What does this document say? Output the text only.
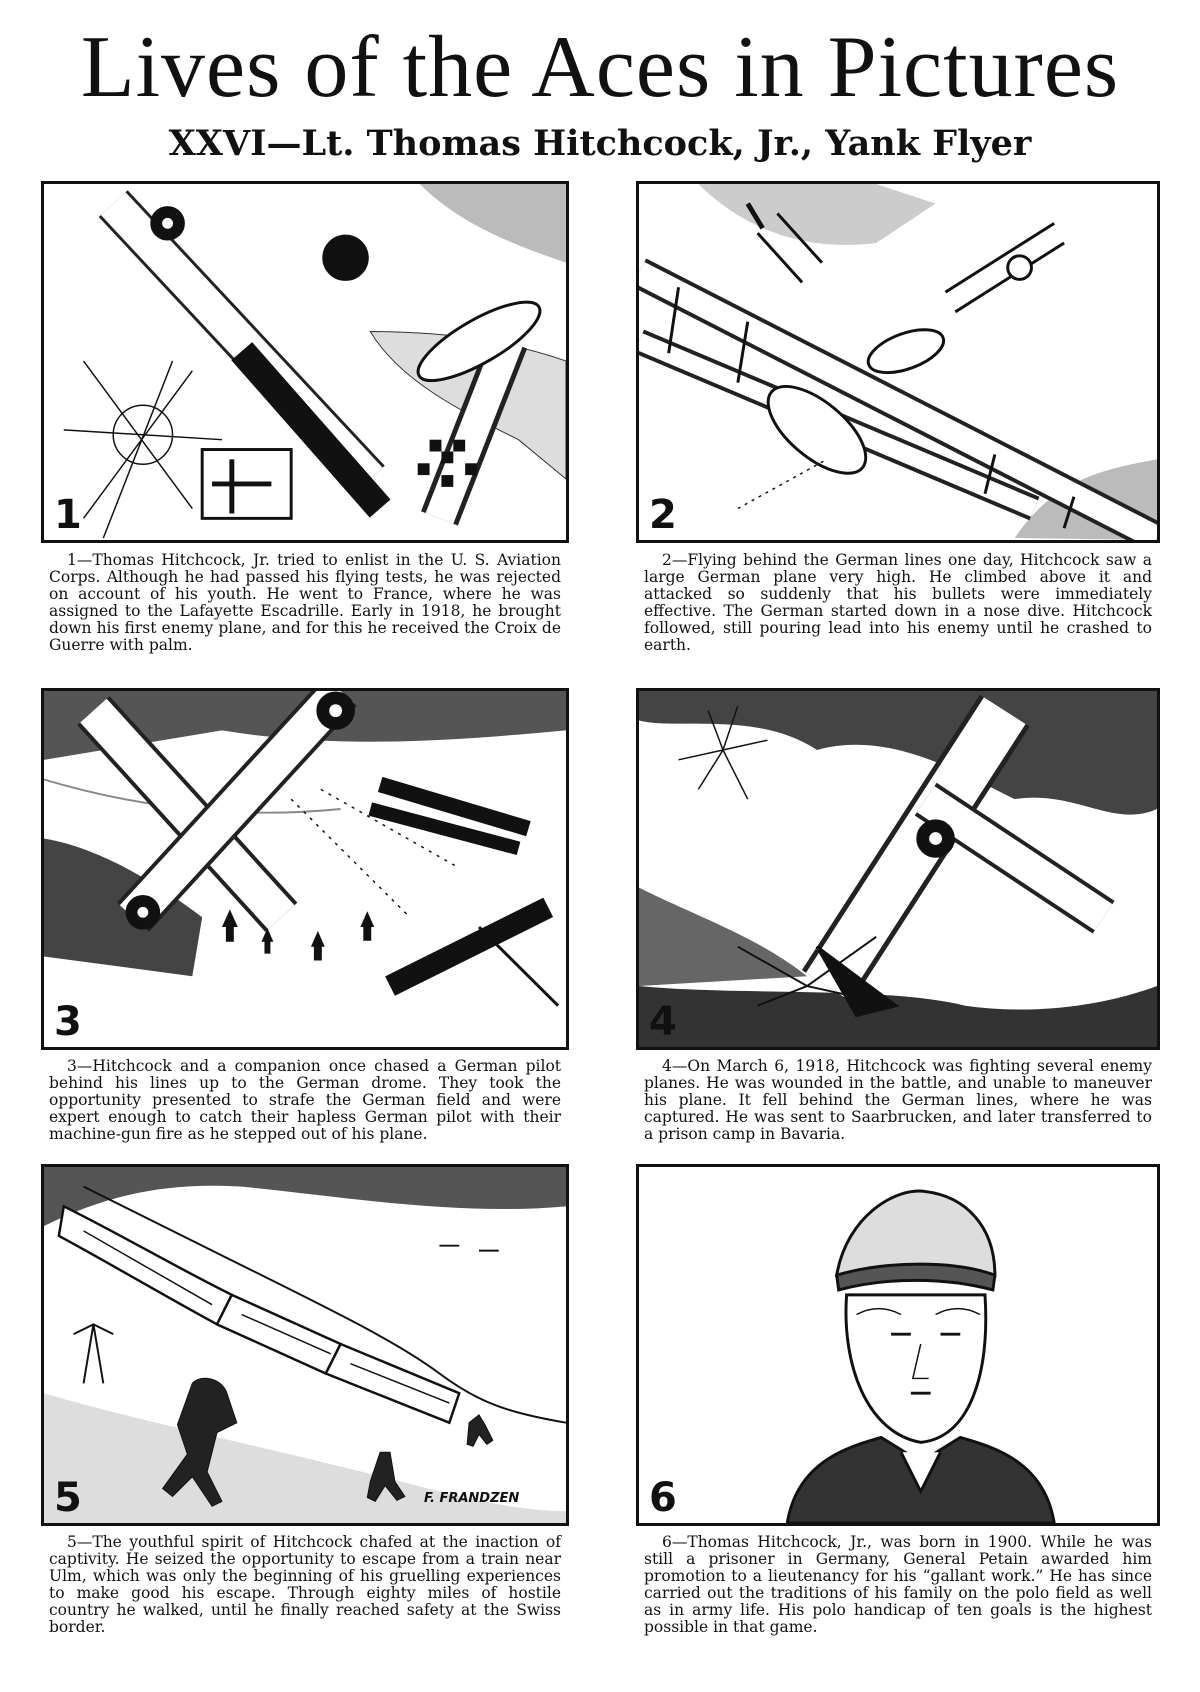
Lives of the Aces in Pictures
XXVI—Lt. Thomas Hitchcock, Jr., Yank Flyer
1

1—Thomas Hitchcock, Jr. tried to enlist in the U. S. Aviation Corps. Although he had passed his flying tests, he was rejected on account of his youth. He went to France, where he was assigned to the Lafayette Escadrille. Early in 1918, he brought down his first enemy plane, and for this he received the Croix de Guerre with palm.

2

2—Flying behind the German lines one day, Hitchcock saw a large German plane very high. He climbed above it and attacked so suddenly that his bullets were immediately effective. The German started down in a nose dive. Hitchcock followed, still pouring lead into his enemy until he crashed to earth.

3

3—Hitchcock and a companion once chased a German pilot behind his lines up to the German drome. They took the opportunity presented to strafe the German field and were expert enough to catch their hapless German pilot with their machine-gun fire as he stepped out of his plane.

4

4—On March 6, 1918, Hitchcock was fighting several enemy planes. He was wounded in the battle, and unable to maneuver his plane. It fell behind the German lines, where he was captured. He was sent to Saarbrucken, and later transferred to a prison camp in Bavaria.

5	F. FRANDZEN

5—The youthful spirit of Hitchcock chafed at the inaction of captivity. He seized the opportunity to escape from a train near Ulm, which was only the beginning of his gruelling experiences to make good his escape. Through eighty miles of hostile country he walked, until he finally reached safety at the Swiss border.

6

6—Thomas Hitchcock, Jr., was born in 1900. While he was still a prisoner in Germany, General Petain awarded him promotion to a lieutenancy for his “gallant work.” He has since carried out the traditions of his family on the polo field as well as in army life. His polo handicap of ten goals is the highest possible in that game.
